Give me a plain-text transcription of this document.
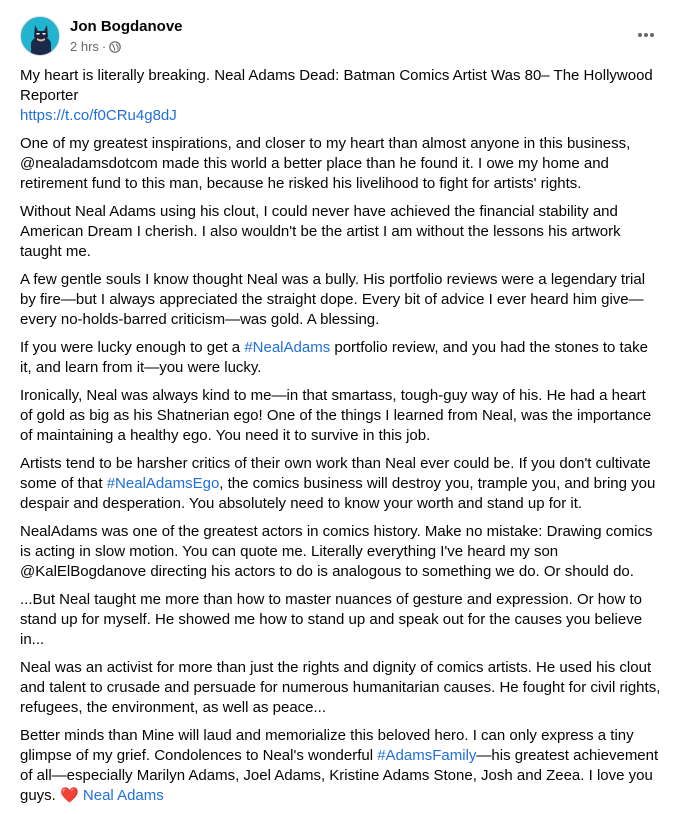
Jon Bogdanove
2 hrs ·

My heart is literally breaking. Neal Adams Dead: Batman Comics Artist Was 80– The Hollywood Reporter
https://t.co/f0CRu4g8dJ

One of my greatest inspirations, and closer to my heart than almost anyone in this business, @nealadamsdotcom made this world a better place than he found it. I owe my home and retirement fund to this man, because he risked his livelihood to fight for artists' rights.

Without Neal Adams using his clout, I could never have achieved the financial stability and American Dream I cherish. I also wouldn't be the artist I am without the lessons his artwork taught me.

A few gentle souls I know thought Neal was a bully. His portfolio reviews were a legendary trial by fire—but I always appreciated the straight dope. Every bit of advice I ever heard him give—every no-holds-barred criticism—was gold. A blessing.

If you were lucky enough to get a #NealAdams portfolio review, and you had the stones to take it, and learn from it—you were lucky.

Ironically, Neal was always kind to me—in that smartass, tough-guy way of his. He had a heart of gold as big as his Shatnerian ego! One of the things I learned from Neal, was the importance of maintaining a healthy ego. You need it to survive in this job.

Artists tend to be harsher critics of their own work than Neal ever could be. If you don't cultivate some of that #NealAdamsEgo, the comics business will destroy you, trample you, and bring you despair and desperation. You absolutely need to know your worth and stand up for it.

NealAdams was one of the greatest actors in comics history. Make no mistake: Drawing comics is acting in slow motion. You can quote me. Literally everything I've heard my son @KalElBogdanove directing his actors to do is analogous to something we do. Or should do.

...But Neal taught me more than how to master nuances of gesture and expression. Or how to stand up for myself. He showed me how to stand up and speak out for the causes you believe in...

Neal was an activist for more than just the rights and dignity of comics artists. He used his clout and talent to crusade and persuade for numerous humanitarian causes. He fought for civil rights, refugees, the environment, as well as peace...

Better minds than Mine will laud and memorialize this beloved hero. I can only express a tiny glimpse of my grief. Condolences to Neal's wonderful #AdamsFamily—his greatest achievement of all—especially Marilyn Adams, Joel Adams, Kristine Adams Stone, Josh and Zeea. I love you guys. ❤️ Neal Adams
